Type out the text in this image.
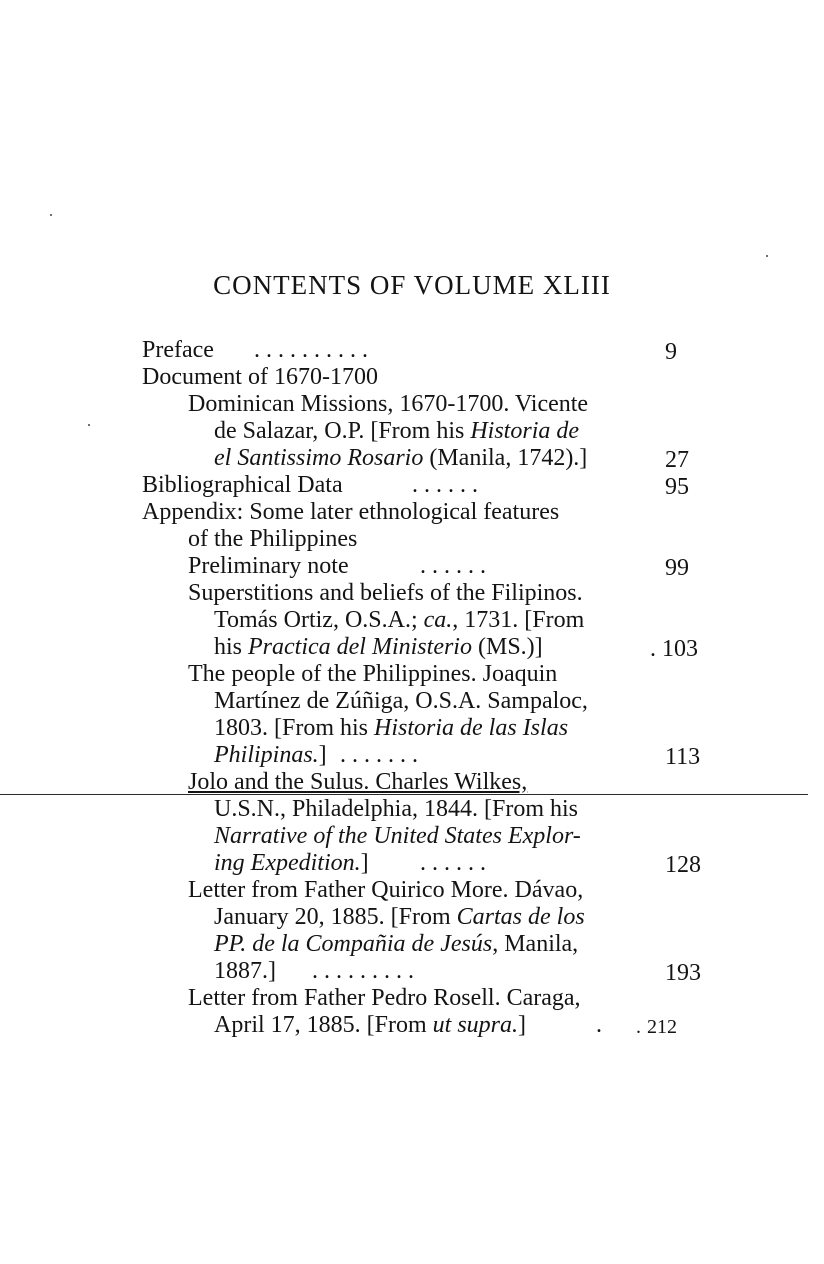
CONTENTS OF VOLUME XLIII
Preface . . . . . . . . . .	9
Document of 1670-1700
Dominican Missions, 1670-1700. Vicente
de Salazar, O.P. [From his Historia de
el Santissimo Rosario (Manila, 1742).]	27
Bibliographical Data	. . . . . .	95
Appendix: Some later ethnological features
of the Philippines
Preliminary note	. . . . . .	99
Superstitions and beliefs of the Filipinos.
Tomás Ortiz, O.S.A.; ca., 1731. [From
his Practica del Ministerio (MS.)]	. 103
The people of the Philippines. Joaquin
Martínez de Zúñiga, O.S.A. Sampaloc,
1803. [From his Historia de las Islas
Philipinas.] . . . . . . .	113
Jolo and the Sulus. Charles Wilkes,
U.S.N., Philadelphia, 1844. [From his
Narrative of the United States Explor-
ing Expedition.] . . . . . .	128
Letter from Father Quirico More. Dávao,
January 20, 1885. [From Cartas de los
PP. de la Compañia de Jesús, Manila,
1887.] . . . . . . . . .	193
Letter from Father Pedro Rosell. Caraga,
April 17, 1885. [From ut supra.]	. . 212
